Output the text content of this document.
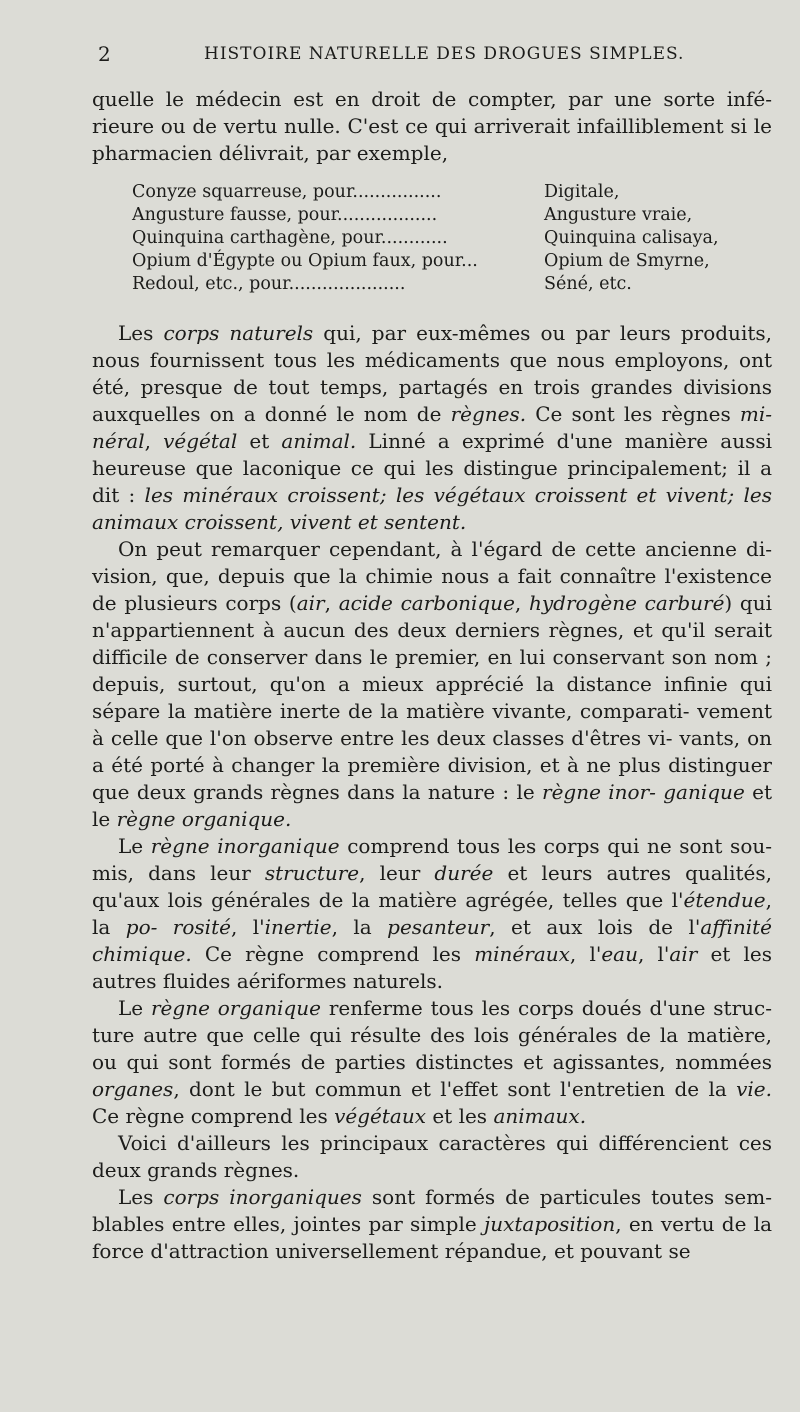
2	HISTOIRE NATURELLE DES DROGUES SIMPLES.

quelle le médecin est en droit de compter, par une sorte infé- rieure ou de vertu nulle. C'est ce qui arriverait infailliblement si le pharmacien délivrait, par exemple,

Conyze squarreuse, pour................	Digitale,
Angusture fausse, pour..................	Angusture vraie,
Quinquina carthagène, pour............	Quinquina calisaya,
Opium d'Égypte ou Opium faux, pour...	Opium de Smyrne,
Redoul, etc., pour.....................	Séné, etc.

Les corps naturels qui, par eux-mêmes ou par leurs produits, nous fournissent tous les médicaments que nous employons, ont été, presque de tout temps, partagés en trois grandes divisions auxquelles on a donné le nom de règnes. Ce sont les règnes mi- néral, végétal et animal. Linné a exprimé d'une manière aussi heureuse que laconique ce qui les distingue principalement; il a dit : les minéraux croissent; les végétaux croissent et vivent; les animaux croissent, vivent et sentent.

On peut remarquer cependant, à l'égard de cette ancienne di- vision, que, depuis que la chimie nous a fait connaître l'existence de plusieurs corps (air, acide carbonique, hydrogène carburé) qui n'appartiennent à aucun des deux derniers règnes, et qu'il serait difficile de conserver dans le premier, en lui conservant son nom ; depuis, surtout, qu'on a mieux apprécié la distance infinie qui sépare la matière inerte de la matière vivante, comparati- vement à celle que l'on observe entre les deux classes d'êtres vi- vants, on a été porté à changer la première division, et à ne plus distinguer que deux grands règnes dans la nature : le règne inor- ganique et le règne organique.

Le règne inorganique comprend tous les corps qui ne sont sou- mis, dans leur structure, leur durée et leurs autres qualités, qu'aux lois générales de la matière agrégée, telles que l'étendue, la po- rosité, l'inertie, la pesanteur, et aux lois de l'affinité chimique. Ce règne comprend les minéraux, l'eau, l'air et les autres fluides aériformes naturels.

Le règne organique renferme tous les corps doués d'une struc- ture autre que celle qui résulte des lois générales de la matière, ou qui sont formés de parties distinctes et agissantes, nommées organes, dont le but commun et l'effet sont l'entretien de la vie. Ce règne comprend les végétaux et les animaux.

Voici d'ailleurs les principaux caractères qui différencient ces deux grands règnes.

Les corps inorganiques sont formés de particules toutes sem- blables entre elles, jointes par simple juxtaposition, en vertu de la force d'attraction universellement répandue, et pouvant se
